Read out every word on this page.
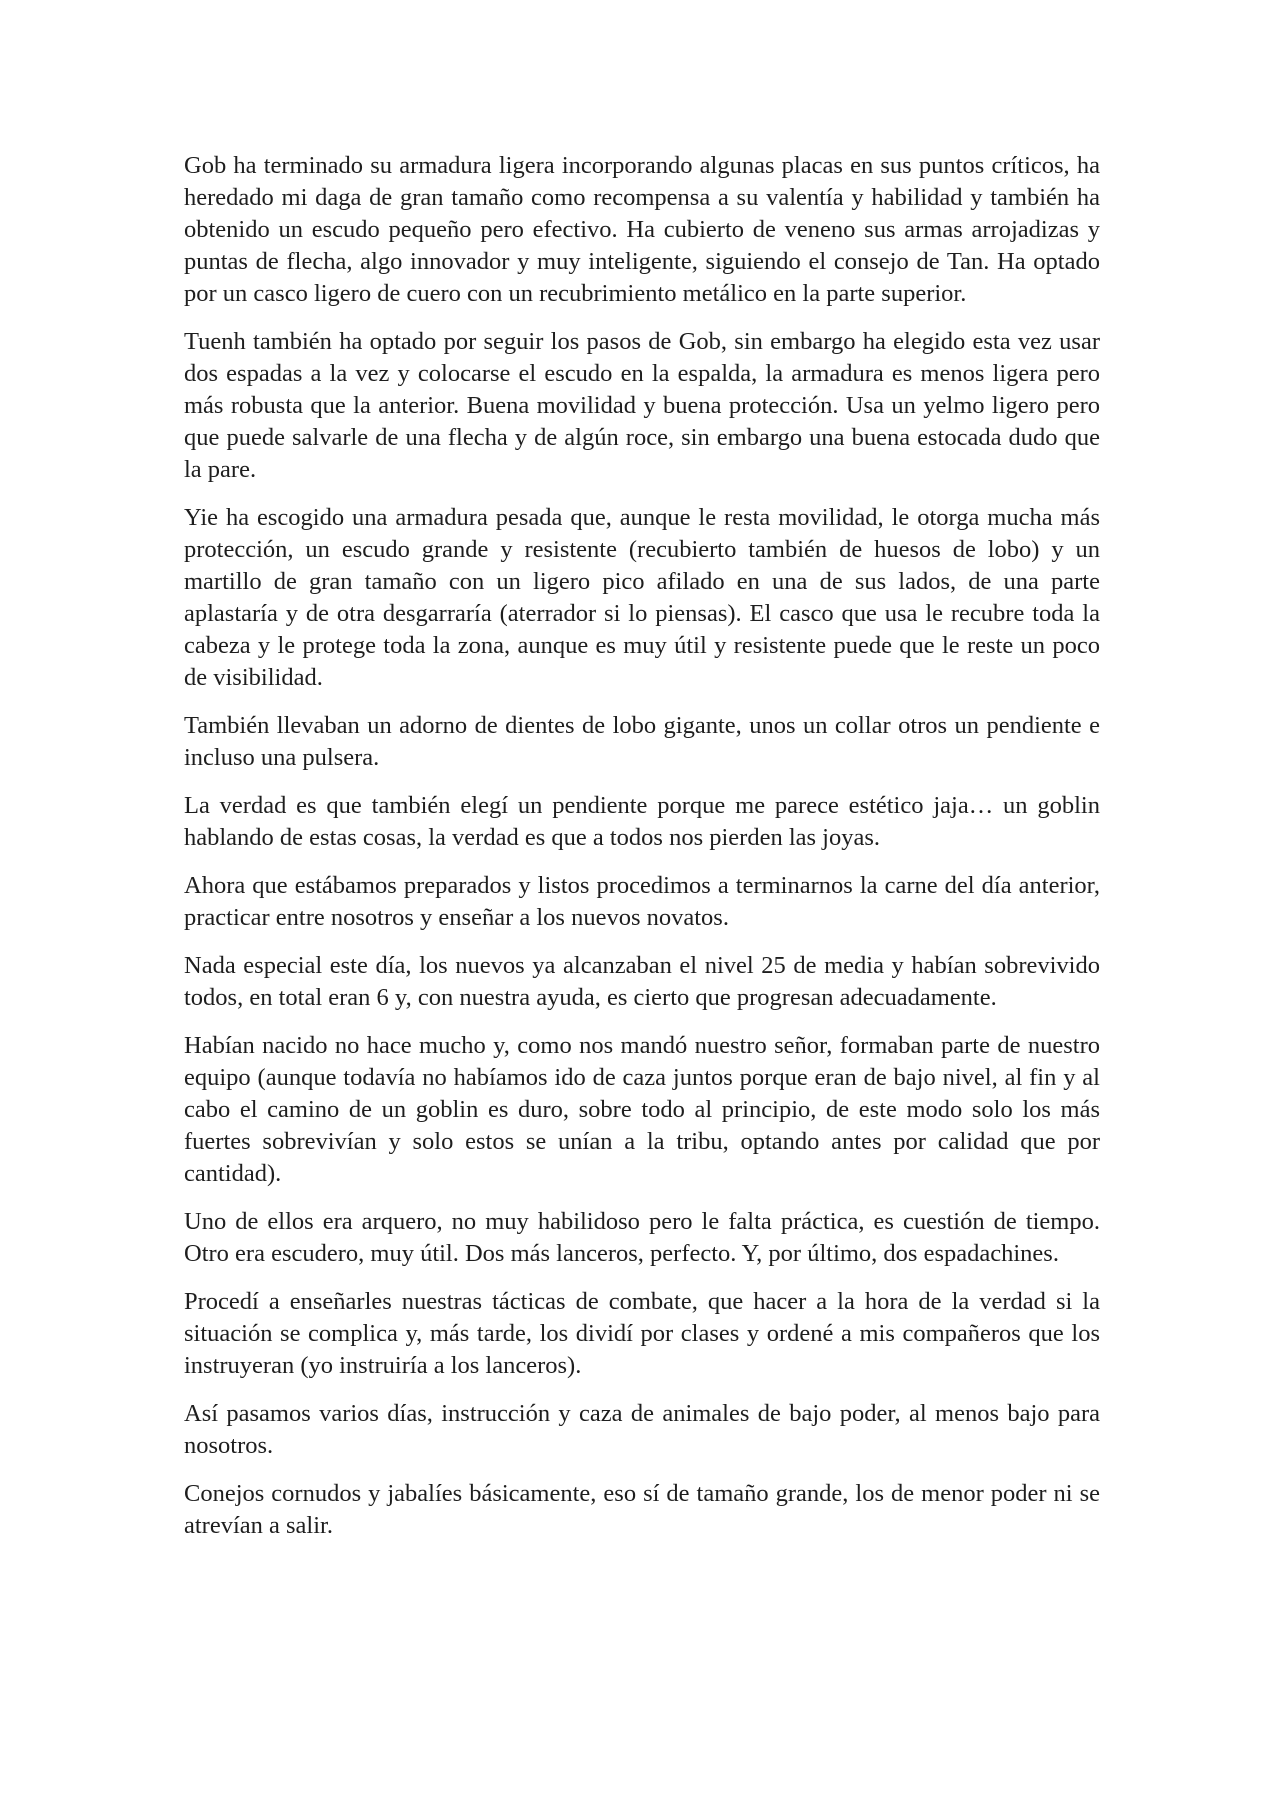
Gob ha terminado su armadura ligera incorporando algunas placas en sus puntos críticos, ha heredado mi daga de gran tamaño como recompensa a su valentía y habilidad y también ha obtenido un escudo pequeño pero efectivo. Ha cubierto de veneno sus armas arrojadizas y puntas de flecha, algo innovador y muy inteligente, siguiendo el consejo de Tan. Ha optado por un casco ligero de cuero con un recubrimiento metálico en la parte superior.

Tuenh también ha optado por seguir los pasos de Gob, sin embargo ha elegido esta vez usar dos espadas a la vez y colocarse el escudo en la espalda, la armadura es menos ligera pero más robusta que la anterior. Buena movilidad y buena protección. Usa un yelmo ligero pero que puede salvarle de una flecha y de algún roce, sin embargo una buena estocada dudo que la pare.

Yie ha escogido una armadura pesada que, aunque le resta movilidad, le otorga mucha más protección, un escudo grande y resistente (recubierto también de huesos de lobo) y un martillo de gran tamaño con un ligero pico afilado en una de sus lados, de una parte aplastaría y de otra desgarraría (aterrador si lo piensas). El casco que usa le recubre toda la cabeza y le protege toda la zona, aunque es muy útil y resistente puede que le reste un poco de visibilidad.

También llevaban un adorno de dientes de lobo gigante, unos un collar otros un pendiente e incluso una pulsera.

La verdad es que también elegí un pendiente porque me parece estético jaja… un goblin hablando de estas cosas, la verdad es que a todos nos pierden las joyas.

Ahora que estábamos preparados y listos procedimos a terminarnos la carne del día anterior, practicar entre nosotros y enseñar a los nuevos novatos.

Nada especial este día, los nuevos ya alcanzaban el nivel 25 de media y habían sobrevivido todos, en total eran 6 y, con nuestra ayuda, es cierto que progresan adecuadamente.

Habían nacido no hace mucho y, como nos mandó nuestro señor, formaban parte de nuestro equipo (aunque todavía no habíamos ido de caza juntos porque eran de bajo nivel, al fin y al cabo el camino de un goblin es duro, sobre todo al principio, de este modo solo los más fuertes sobrevivían y solo estos se unían a la tribu, optando antes por calidad que por cantidad).

Uno de ellos era arquero, no muy habilidoso pero le falta práctica, es cuestión de tiempo. Otro era escudero, muy útil. Dos más lanceros, perfecto. Y, por último, dos espadachines.

Procedí a enseñarles nuestras tácticas de combate, que hacer a la hora de la verdad si la situación se complica y, más tarde, los dividí por clases y ordené a mis compañeros que los instruyeran (yo instruiría a los lanceros).

Así pasamos varios días, instrucción y caza de animales de bajo poder, al menos bajo para nosotros.

Conejos cornudos y jabalíes básicamente, eso sí de tamaño grande, los de menor poder ni se atrevían a salir.
